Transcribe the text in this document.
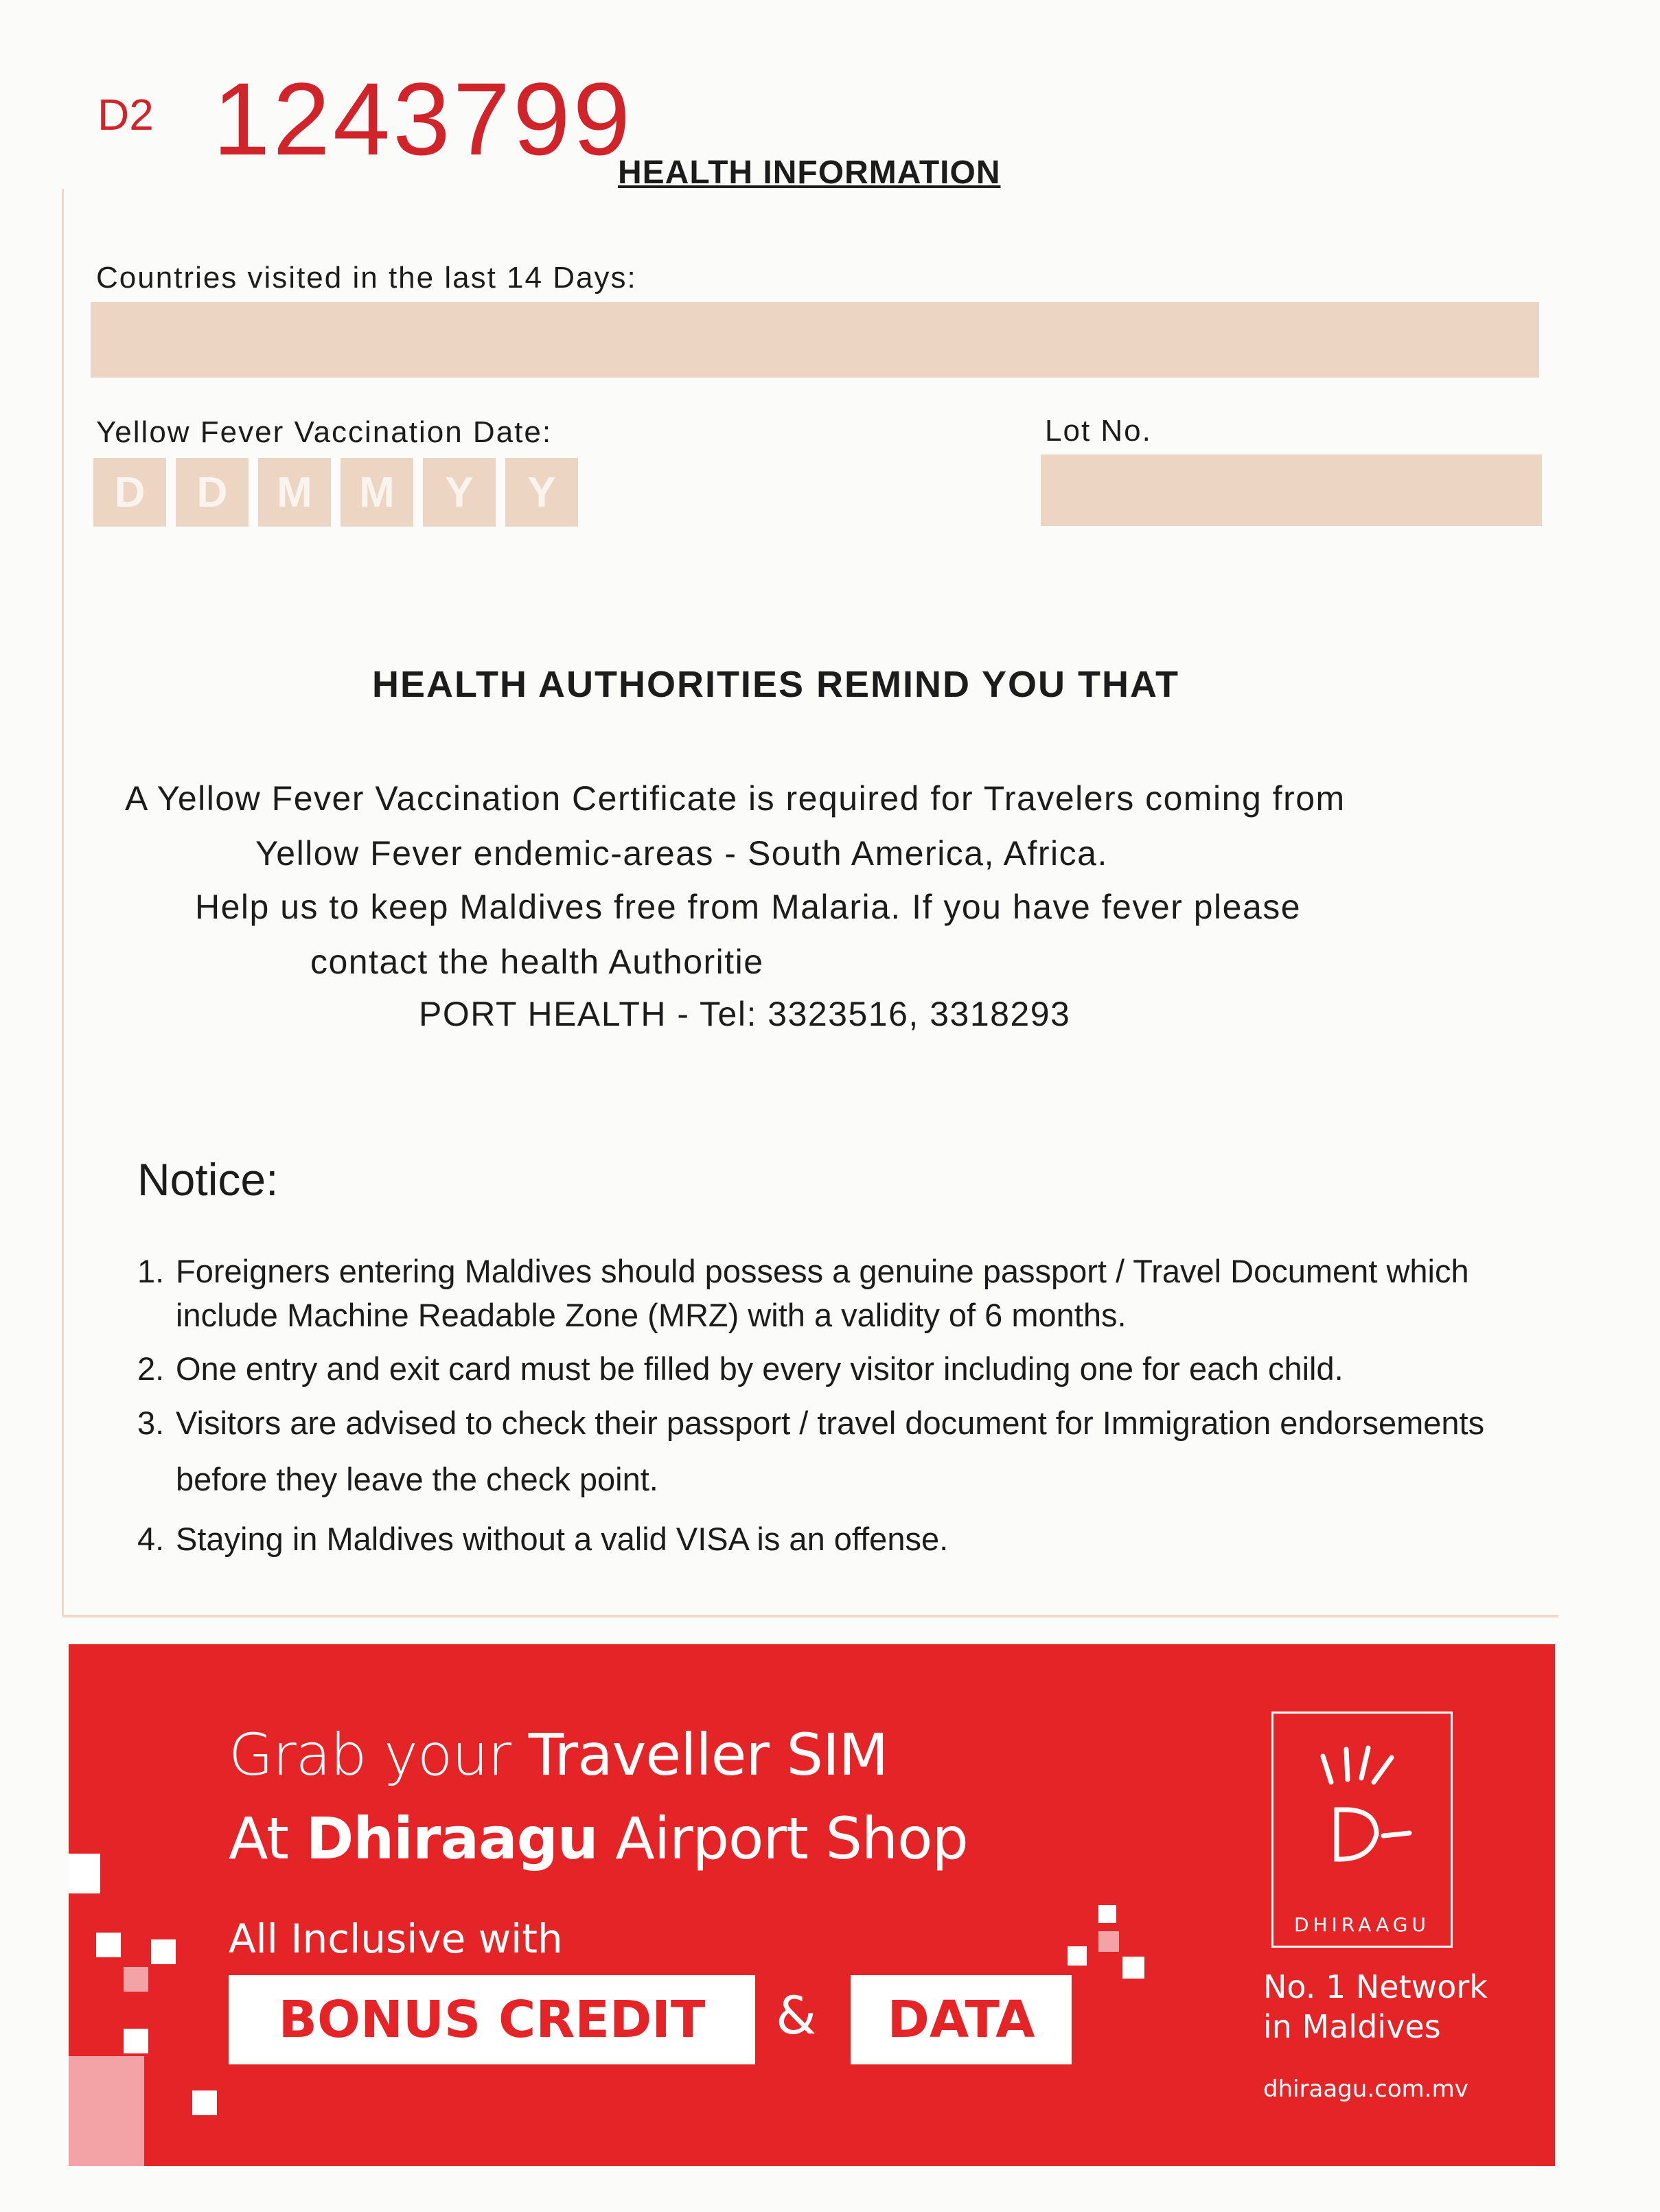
D2 1243799
HEALTH INFORMATION
Countries visited in the last 14 Days:
Yellow Fever Vaccination Date:
D	D	M	M	Y	Y
Lot No.
HEALTH AUTHORITIES REMIND YOU THAT
A Yellow Fever Vaccination Certificate is required for Travelers coming from
Yellow Fever endemic-areas - South America, Africa.
Help us to keep Maldives free from Malaria. If you have fever please
contact the health Authoritie
PORT HEALTH - Tel: 3323516, 3318293
Notice:
1. Foreigners entering Maldives should possess a genuine passport / Travel Document which include Machine Readable Zone (MRZ) with a validity of 6 months.
2. One entry and exit card must be filled by every visitor including one for each child.
3. Visitors are advised to check their passport / travel document for Immigration endorsements before they leave the check point.
4. Staying in Maldives without a valid VISA is an offense.
Grab your Traveller SIM
At Dhiraagu Airport Shop
All Inclusive with
BONUS CREDIT	&	DATA
DHIRAAGU
No. 1 Network
in Maldives
dhiraagu.com.mv
